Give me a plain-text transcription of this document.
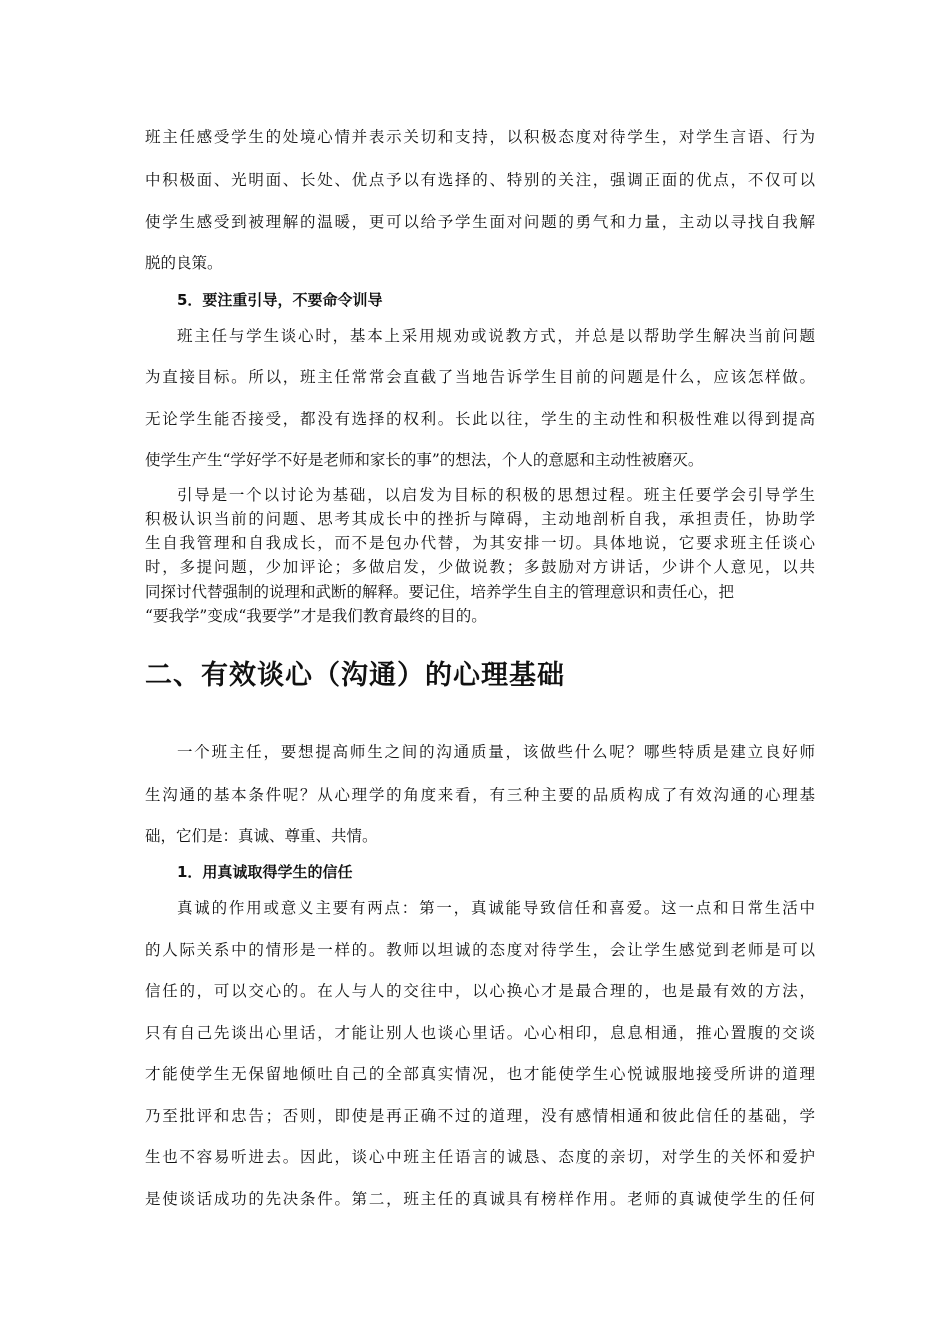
班主任感受学生的处境心情并表示关切和支持，以积极态度对待学生，对学生言语、行为
中积极面、光明面、长处、优点予以有选择的、特别的关注，强调正面的优点，不仅可以
使学生感受到被理解的温暖，更可以给予学生面对问题的勇气和力量，主动以寻找自我解
脱的良策。
5．要注重引导，不要命令训导
班主任与学生谈心时，基本上采用规劝或说教方式，并总是以帮助学生解决当前问题
为直接目标。所以，班主任常常会直截了当地告诉学生目前的问题是什么，应该怎样做。
无论学生能否接受，都没有选择的权利。长此以往，学生的主动性和积极性难以得到提高
使学生产生“学好学不好是老师和家长的事”的想法，个人的意愿和主动性被磨灭。
引导是一个以讨论为基础，以启发为目标的积极的思想过程。班主任要学会引导学生
积极认识当前的问题、思考其成长中的挫折与障碍，主动地剖析自我，承担责任，协助学
生自我管理和自我成长，而不是包办代替，为其安排一切。具体地说，它要求班主任谈心
时，多提问题，少加评论；多做启发，少做说教；多鼓励对方讲话，少讲个人意见，以共
同探讨代替强制的说理和武断的解释。要记住，培养学生自主的管理意识和责任心，把
“要我学”变成“我要学”才是我们教育最终的目的。
二、有效谈心（沟通）的心理基础
一个班主任，要想提高师生之间的沟通质量，该做些什么呢？哪些特质是建立良好师
生沟通的基本条件呢？从心理学的角度来看，有三种主要的品质构成了有效沟通的心理基
础，它们是：真诚、尊重、共情。
1．用真诚取得学生的信任
真诚的作用或意义主要有两点：第一，真诚能导致信任和喜爱。这一点和日常生活中
的人际关系中的情形是一样的。教师以坦诚的态度对待学生，会让学生感觉到老师是可以
信任的，可以交心的。在人与人的交往中，以心换心才是最合理的，也是最有效的方法，
只有自己先谈出心里话，才能让别人也谈心里话。心心相印，息息相通，推心置腹的交谈
才能使学生无保留地倾吐自己的全部真实情况，也才能使学生心悦诚服地接受所讲的道理
乃至批评和忠告；否则，即使是再正确不过的道理，没有感情相通和彼此信任的基础，学
生也不容易听进去。因此，谈心中班主任语言的诚恳、态度的亲切，对学生的关怀和爱护
是使谈话成功的先决条件。第二，班主任的真诚具有榜样作用。老师的真诚使学生的任何
